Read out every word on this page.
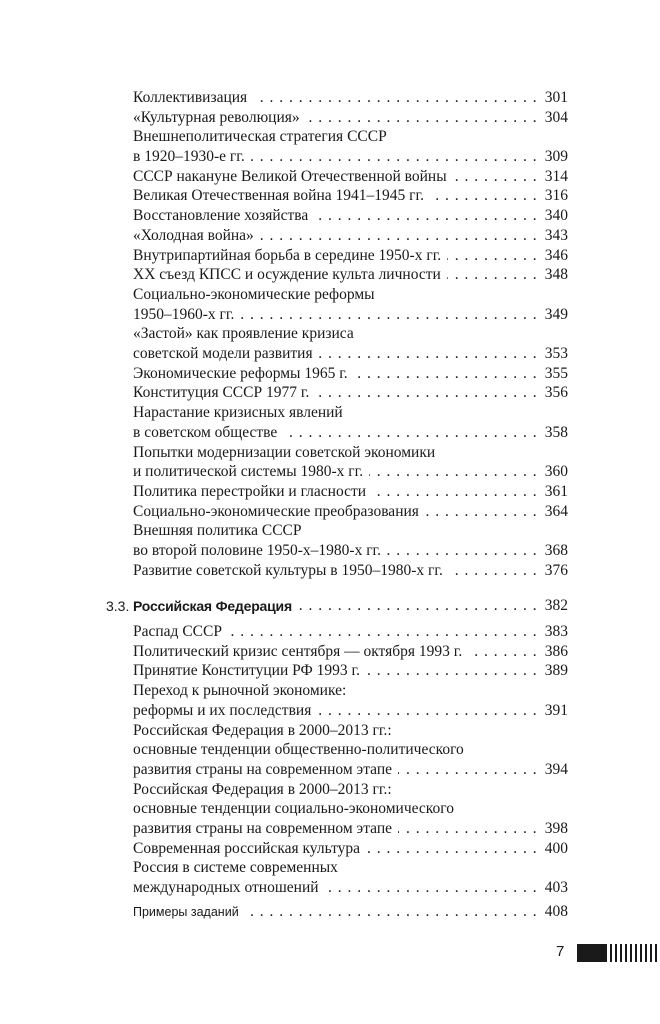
. . .
Коллективизация	301
. . .
«Культурная революция»	304
Внешнеполитическая стратегия СССР
. . .
в 1920–1930-е гг.	309
. . .
СССР накануне Великой Отечественной войны	314
. . .
Великая Отечественная война 1941–1945 гг.	316
. . .
Восстановление хозяйства	340
. . .
«Холодная война»	343
. . .
Внутрипартийная борьба в середине 1950-х гг.	346
. . .
XX съезд КПСС и осуждение культа личности	348
Социально-экономические реформы
. . .
1950–1960-х гг.	349
«Застой» как проявление кризиса
. . .
советской модели развития	353
. . .
Экономические реформы 1965 г.	355
. . .
Конституция СССР 1977 г.	356
Нарастание кризисных явлений
. . .
в советском обществе	358
Попытки модернизации советской экономики
. . .
и политической системы 1980-х гг.	360
. . .
Политика перестройки и гласности	361
. . .
Социально-экономические преобразования	364
Внешняя политика СССР
. . .
во второй половине 1950-х–1980-х гг.	368
. . .
Развитие советской культуры в 1950–1980-х гг.	376
. . .
3.3. Российская Федерация	382
. . .
Распад СССР	383
. . .
Политический кризис сентября — октября 1993 г.	386
. . .
Принятие Конституции РФ 1993 г.	389
Переход к рыночной экономике:
. . .
реформы и их последствия	391
Российская Федерация в 2000–2013 гг.:
основные тенденции общественно-политического
. . .
развития страны на современном этапе	394
Российская Федерация в 2000–2013 гг.:
основные тенденции социально-экономического
. . .
развития страны на современном этапе	398
. . .
Современная российская культура	400
Россия в системе современных
. . .
международных отношений	403
. . .
Примеры заданий	408
7
